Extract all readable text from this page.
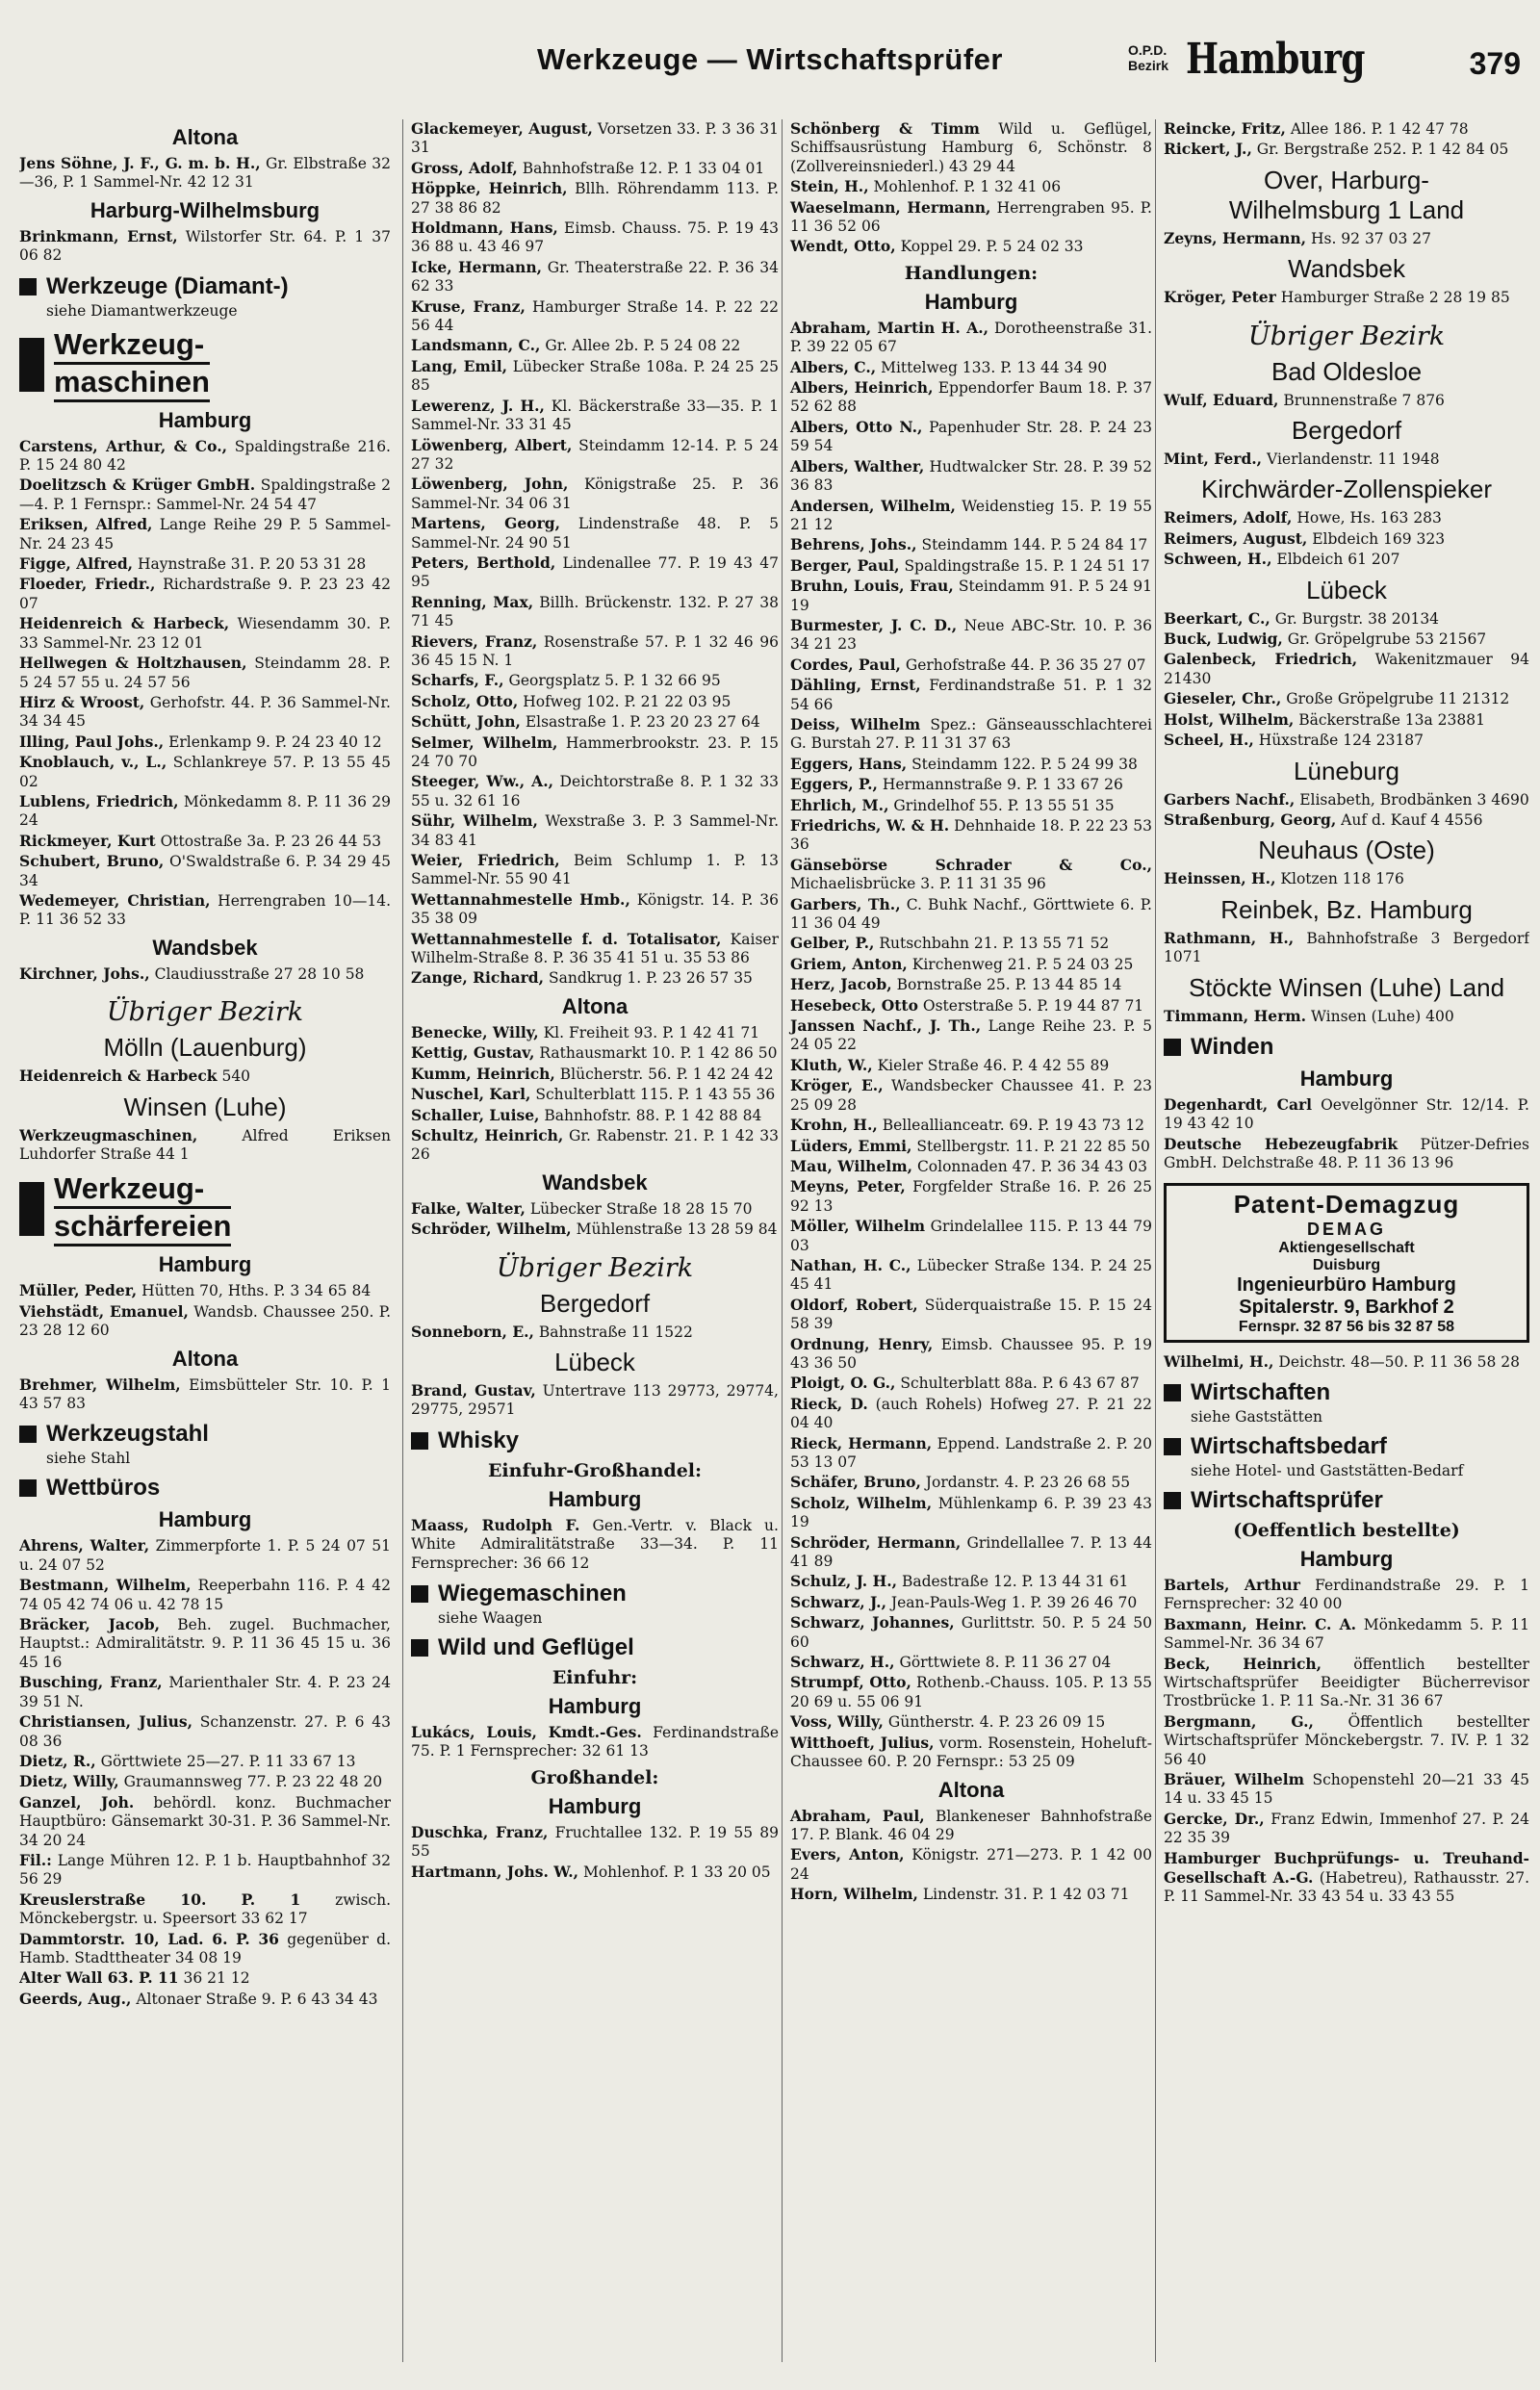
Werkzeuge — Wirtschaftsprüfer	O.P.D.
Bezirk Hamburg	379
Altona
Jens Söhne, J. F., G. m. b. H., Gr. Elbstraße 32—36, P. 1 Sammel-Nr. 42 12 31
Harburg-Wilhelmsburg
Brinkmann, Ernst, Wilstorfer Str. 64. P. 1 37 06 82
Werkzeuge (Diamant-)
siehe Diamantwerkzeuge
Werkzeug-
maschinen
Hamburg
Carstens, Arthur, & Co., Spaldingstraße 216. P. 15 24 80 42
Doelitzsch & Krüger GmbH. Spaldingstraße 2—4. P. 1 Fernspr.: Sammel-Nr. 24 54 47
Eriksen, Alfred, Lange Reihe 29 P. 5 Sammel-Nr. 24 23 45
Figge, Alfred, Haynstraße 31. P. 20 53 31 28
Floeder, Friedr., Richardstraße 9. P. 23 23 42 07
Heidenreich & Harbeck, Wiesendamm 30. P. 33 Sammel-Nr. 23 12 01
Hellwegen & Holtzhausen, Steindamm 28. P. 5 24 57 55 u. 24 57 56
Hirz & Wroost, Gerhofstr. 44. P. 36 Sammel-Nr. 34 34 45
Illing, Paul Johs., Erlenkamp 9. P. 24 23 40 12
Knoblauch, v., L., Schlankreye 57. P. 13 55 45 02
Lublens, Friedrich, Mönkedamm 8. P. 11 36 29 24
Rickmeyer, Kurt Ottostraße 3a. P. 23 26 44 53
Schubert, Bruno, O'Swaldstraße 6. P. 34 29 45 34
Wedemeyer, Christian, Herrengraben 10—14. P. 11 36 52 33
Wandsbek
Kirchner, Johs., Claudiusstraße 27 28 10 58
Übriger Bezirk
Mölln (Lauenburg)
Heidenreich & Harbeck 540
Winsen (Luhe)
Werkzeugmaschinen,	Alfred Eriksen Luhdorfer Straße 44 1
Werkzeug-
schärfereien
Hamburg
Müller, Peder, Hütten 70, Hths. P. 3 34 65 84
Viehstädt, Emanuel, Wandsb. Chaussee 250. P. 23 28 12 60
Altona
Brehmer, Wilhelm, Eimsbütteler Str. 10. P. 1 43 57 83
Werkzeugstahl
siehe Stahl
Wettbüros
Hamburg
Ahrens, Walter, Zimmerpforte 1. P. 5 24 07 51 u. 24 07 52
Bestmann, Wilhelm, Reeperbahn 116. P. 4 42 74 05 42 74 06 u. 42 78 15
Bräcker, Jacob, Beh. zugel. Buchmacher, Hauptst.: Admiralitätstr. 9. P. 11 36 45 15 u. 36 45 16
Busching, Franz, Marienthaler Str. 4. P. 23 24 39 51 N.
Christiansen, Julius, Schanzenstr. 27. P. 6 43 08 36
Dietz, R., Görttwiete 25—27. P. 11 33 67 13
Dietz, Willy, Graumannsweg 77. P. 23 22 48 20
Ganzel, Joh. behördl. konz. Buchmacher Hauptbüro: Gänsemarkt 30-31. P. 36 Sammel-Nr. 34 20 24
Fil.: Lange Mühren 12. P. 1 b. Hauptbahnhof 32 56 29
Kreuslerstraße 10. P. 1 zwisch. Mönckebergstr. u. Speersort 33 62 17
Dammtorstr. 10, Lad. 6. P. 36 gegenüber d. Hamb. Stadttheater 34 08 19
Alter Wall 63. P. 11 36 21 12
Geerds, Aug., Altonaer Straße 9. P. 6 43 34 43
Glackemeyer, August, Vorsetzen 33. P. 3 36 31 31
Gross, Adolf, Bahnhofstraße 12. P. 1 33 04 01
Höppke, Heinrich, Bllh. Röhrendamm 113. P. 27 38 86 82
Holdmann, Hans, Eimsb. Chauss. 75. P. 19 43 36 88 u. 43 46 97
Icke, Hermann, Gr. Theaterstraße 22. P. 36 34 62 33
Kruse, Franz, Hamburger Straße 14. P. 22 22 56 44
Landsmann, C., Gr. Allee 2b. P. 5 24 08 22
Lang, Emil, Lübecker Straße 108a. P. 24 25 25 85
Lewerenz, J. H., Kl. Bäckerstraße 33—35. P. 1 Sammel-Nr. 33 31 45
Löwenberg, Albert, Steindamm 12-14. P. 5 24 27 32
Löwenberg, John, Königstraße 25. P. 36 Sammel-Nr. 34 06 31
Martens, Georg, Lindenstraße 48. P. 5 Sammel-Nr. 24 90 51
Peters, Berthold, Lindenallee 77. P. 19 43 47 95
Renning, Max, Billh. Brückenstr. 132. P. 27 38 71 45
Rievers, Franz, Rosenstraße 57. P. 1 32 46 96 36 45 15 N. 1
Scharfs, F., Georgsplatz 5. P. 1 32 66 95
Scholz, Otto, Hofweg 102. P. 21 22 03 95
Schütt, John, Elsastraße 1. P. 23 20 23 27 64
Selmer, Wilhelm, Hammerbrookstr. 23. P. 15 24 70 70
Steeger, Ww., A., Deichtorstraße 8. P. 1 32 33 55 u. 32 61 16
Sühr, Wilhelm, Wexstraße 3. P. 3 Sammel-Nr. 34 83 41
Weier, Friedrich, Beim Schlump 1. P. 13 Sammel-Nr. 55 90 41
Wettannahmestelle Hmb., Königstr. 14. P. 36 35 38 09
Wettannahmestelle f. d. Totalisator, Kaiser Wilhelm-Straße 8. P. 36 35 41 51 u. 35 53 86
Zange, Richard, Sandkrug 1. P. 23 26 57 35
Altona
Benecke, Willy, Kl. Freiheit 93. P. 1 42 41 71
Kettig, Gustav, Rathausmarkt 10. P. 1 42 86 50
Kumm, Heinrich, Blücherstr. 56. P. 1 42 24 42
Nuschel, Karl, Schulterblatt 115. P. 1 43 55 36
Schaller, Luise, Bahnhofstr. 88. P. 1 42 88 84
Schultz, Heinrich, Gr. Rabenstr. 21. P. 1 42 33 26
Wandsbek
Falke, Walter, Lübecker Straße 18 28 15 70
Schröder, Wilhelm, Mühlenstraße 13 28 59 84
Übriger Bezirk
Bergedorf
Sonneborn, E., Bahnstraße 11 1522
Lübeck
Brand, Gustav, Untertrave 113 29773, 29774, 29775, 29571
Whisky
Einfuhr-Großhandel:
Hamburg
Maass, Rudolph F. Gen.-Vertr. v. Black u. White Admiralitätstraße 33—34. P. 11 Fernsprecher: 36 66 12
Wiegemaschinen
siehe Waagen
Wild und Geflügel
Einfuhr:
Hamburg
Lukács, Louis, Kmdt.-Ges. Ferdinandstraße 75. P. 1 Fernsprecher: 32 61 13
Großhandel:
Hamburg
Duschka, Franz, Fruchtallee 132. P. 19 55 89 55
Hartmann, Johs. W., Mohlenhof. P. 1 33 20 05
Schönberg & Timm Wild u. Geflügel, Schiffsausrüstung Hamburg 6, Schönstr. 8 (Zollvereinsniederl.) 43 29 44
Stein, H., Mohlenhof. P. 1 32 41 06
Waeselmann, Hermann, Herrengraben 95. P. 11 36 52 06
Wendt, Otto, Koppel 29. P. 5 24 02 33
Handlungen:
Hamburg
Abraham, Martin H. A., Dorotheenstraße 31. P. 39 22 05 67
Albers, C., Mittelweg 133. P. 13 44 34 90
Albers, Heinrich, Eppendorfer Baum 18. P. 37 52 62 88
Albers, Otto N., Papenhuder Str. 28. P. 24 23 59 54
Albers, Walther, Hudtwalcker Str. 28. P. 39 52 36 83
Andersen, Wilhelm, Weidenstieg 15. P. 19 55 21 12
Behrens, Johs., Steindamm 144. P. 5 24 84 17
Berger, Paul, Spaldingstraße 15. P. 1 24 51 17
Bruhn, Louis, Frau, Steindamm 91. P. 5 24 91 19
Burmester, J. C. D., Neue ABC-Str. 10. P. 36 34 21 23
Cordes, Paul, Gerhofstraße 44. P. 36 35 27 07
Dähling, Ernst, Ferdinandstraße 51. P. 1 32 54 66
Deiss, Wilhelm Spez.: Gänseausschlachterei G. Burstah 27. P. 11 31 37 63
Eggers, Hans, Steindamm 122. P. 5 24 99 38
Eggers, P., Hermannstraße 9. P. 1 33 67 26
Ehrlich, M., Grindelhof 55. P. 13 55 51 35
Friedrichs, W. & H. Dehnhaide 18. P. 22 23 53 36
Gänsebörse Schrader & Co., Michaelisbrücke 3. P. 11 31 35 96
Garbers, Th., C. Buhk Nachf., Görttwiete 6. P. 11 36 04 49
Gelber, P., Rutschbahn 21. P. 13 55 71 52
Griem, Anton, Kirchenweg 21. P. 5 24 03 25
Herz, Jacob, Bornstraße 25. P. 13 44 85 14
Hesebeck, Otto Osterstraße 5. P. 19 44 87 71
Janssen Nachf., J. Th., Lange Reihe 23. P. 5 24 05 22
Kluth, W., Kieler Straße 46. P. 4 42 55 89
Kröger, E., Wandsbecker Chaussee 41. P. 23 25 09 28
Krohn, H., Belleallianceatr. 69. P. 19 43 73 12
Lüders, Emmi, Stellbergstr. 11. P. 21 22 85 50
Mau, Wilhelm, Colonnaden 47. P. 36 34 43 03
Meyns, Peter, Forgfelder Straße 16. P. 26 25 92 13
Möller, Wilhelm Grindelallee 115. P. 13 44 79 03
Nathan, H. C., Lübecker Straße 134. P. 24 25 45 41
Oldorf, Robert, Süderquaistraße 15. P. 15 24 58 39
Ordnung, Henry, Eimsb. Chaussee 95. P. 19 43 36 50
Ploigt, O. G., Schulterblatt 88a. P. 6 43 67 87
Rieck, D. (auch Rohels) Hofweg 27. P. 21 22 04 40
Rieck, Hermann, Eppend. Landstraße 2. P. 20 53 13 07
Schäfer, Bruno, Jordanstr. 4. P. 23 26 68 55
Scholz, Wilhelm, Mühlenkamp 6. P. 39 23 43 19
Schröder, Hermann, Grindellallee 7. P. 13 44 41 89
Schulz, J. H., Badestraße 12. P. 13 44 31 61
Schwarz, J., Jean-Pauls-Weg 1. P. 39 26 46 70
Schwarz, Johannes, Gurlittstr. 50. P. 5 24 50 60
Schwarz, H., Görttwiete 8. P. 11 36 27 04
Strumpf, Otto, Rothenb.-Chauss. 105. P. 13 55 20 69 u. 55 06 91
Voss, Willy, Güntherstr. 4. P. 23 26 09 15
Witthoeft, Julius, vorm. Rosenstein, Hoheluft-Chaussee 60. P. 20 Fernspr.: 53 25 09
Altona
Abraham, Paul, Blankeneser Bahnhofstraße 17. P. Blank. 46 04 29
Evers, Anton, Königstr. 271—273. P. 1 42 00 24
Horn, Wilhelm, Lindenstr. 31. P. 1 42 03 71
Reincke, Fritz, Allee 186. P. 1 42 47 78
Rickert, J., Gr. Bergstraße 252. P. 1 42 84 05
Over, Harburg-
Wilhelmsburg 1 Land
Zeyns, Hermann, Hs. 92 37 03 27
Wandsbek
Kröger, Peter Hamburger Straße 2 28 19 85
Übriger Bezirk
Bad Oldesloe
Wulf, Eduard, Brunnenstraße 7 876
Bergedorf
Mint, Ferd., Vierlandenstr. 11 1948
Kirchwärder-Zollenspieker
Reimers, Adolf, Howe, Hs. 163 283
Reimers, August, Elbdeich 169 323
Schween, H., Elbdeich 61 207
Lübeck
Beerkart, C., Gr. Burgstr. 38 20134
Buck, Ludwig, Gr. Gröpelgrube 53 21567
Galenbeck, Friedrich, Wakenitzmauer 94 21430
Gieseler, Chr., Große Gröpelgrube 11 21312
Holst, Wilhelm, Bäckerstraße 13a 23881
Scheel, H., Hüxstraße 124 23187
Lüneburg
Garbers Nachf., Elisabeth, Brodbänken 3 4690
Straßenburg, Georg, Auf d. Kauf 4 4556
Neuhaus (Oste)
Heinssen, H., Klotzen 118 176
Reinbek, Bz. Hamburg
Rathmann, H., Bahnhofstraße 3 Bergedorf 1071
Stöckte Winsen (Luhe) Land
Timmann, Herm. Winsen (Luhe) 400
Winden
Hamburg
Degenhardt, Carl Oevelgönner Str. 12/14. P. 19 43 42 10
Deutsche Hebezeugfabrik Pützer-Defries GmbH. Delchstraße 48. P. 11 36 13 96
Patent-Demagzug
DEMAG
Aktiengesellschaft
Duisburg
Ingenieurbüro Hamburg
Spitalerstr. 9, Barkhof 2
Fernspr. 32 87 56 bis 32 87 58
Wilhelmi, H., Deichstr. 48—50. P. 11 36 58 28
Wirtschaften
siehe Gaststätten
Wirtschaftsbedarf
siehe Hotel- und Gaststätten-Bedarf
Wirtschaftsprüfer
(Oeffentlich bestellte)
Hamburg
Bartels, Arthur Ferdinandstraße 29. P. 1 Fernsprecher: 32 40 00
Baxmann, Heinr. C. A. Mönkedamm 5. P. 11 Sammel-Nr. 36 34 67
Beck, Heinrich, öffentlich bestellter Wirtschaftsprüfer Beeidigter Bücherrevisor Trostbrücke 1. P. 11 Sa.-Nr. 31 36 67
Bergmann, G., Öffentlich bestellter Wirtschaftsprüfer Mönckebergstr. 7. IV. P. 1 32 56 40
Bräuer, Wilhelm Schopenstehl 20—21 33 45 14 u. 33 45 15
Gercke, Dr., Franz Edwin, Immenhof 27. P. 24 22 35 39
Hamburger Buchprüfungs- u. Treuhand-Gesellschaft A.-G. (Habetreu), Rathausstr. 27. P. 11 Sammel-Nr. 33 43 54 u. 33 43 55
